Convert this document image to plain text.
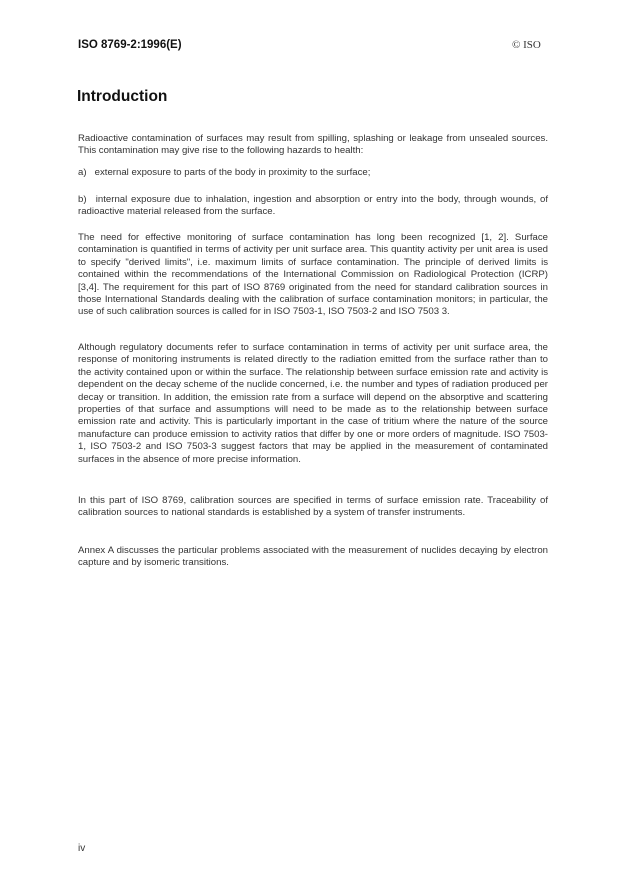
ISO 8769-2:1996(E)	© ISO
Introduction

Radioactive contamination of surfaces may result from spilling, splashing or leakage from unsealed sources. This contamination may give rise to the following hazards to health:

a) external exposure to parts of the body in proximity to the surface;

b) internal exposure due to inhalation, ingestion and absorption or entry into the body, through wounds, of radioactive material released from the surface.

The need for effective monitoring of surface contamination has long been recognized [1, 2]. Surface contamination is quantified in terms of activity per unit surface area. This quantity activity per unit area is used to specify "derived limits", i.e. maximum limits of surface contamination. The principle of derived limits is contained within the recommendations of the International Commission on Radiological Protection (ICRP) [3,4]. The requirement for this part of ISO 8769 originated from the need for standard calibration sources in those International Standards dealing with the calibration of surface contamination monitors; in particular, the use of such calibration sources is called for in ISO 7503-1, ISO 7503-2 and ISO 7503 3.

Although regulatory documents refer to surface contamination in terms of activity per unit surface area, the response of monitoring instruments is related directly to the radiation emitted from the surface rather than to the activity contained upon or within the surface. The relationship between surface emission rate and activity is dependent on the decay scheme of the nuclide concerned, i.e. the number and types of radiation produced per decay or transition. In addition, the emission rate from a surface will depend on the absorptive and scattering properties of that surface and assumptions will need to be made as to the relationship between surface emission rate and activity. This is particularly important in the case of tritium where the nature of the source manufacture can produce emission to activity ratios that differ by one or more orders of magnitude. ISO 7503-1, ISO 7503-2 and ISO 7503-3 suggest factors that may be applied in the measurement of contaminated surfaces in the absence of more precise information.

In this part of ISO 8769, calibration sources are specified in terms of surface emission rate. Traceability of calibration sources to national standards is established by a system of transfer instruments.

Annex A discusses the particular problems associated with the measurement of nuclides decaying by electron capture and by isomeric transitions.

iv
